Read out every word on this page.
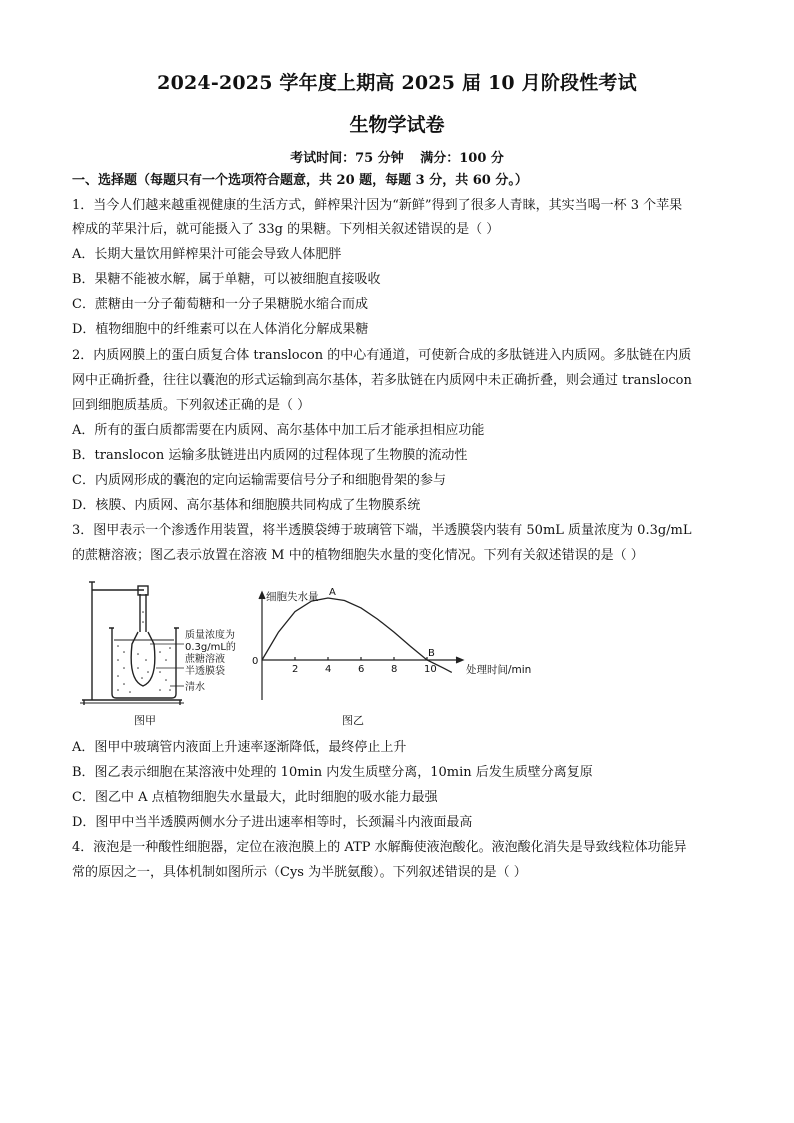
2024-2025 学年度上期高 2025 届 10 月阶段性考试
生物学试卷
考试时间：75 分钟 满分：100 分
一、选择题（每题只有一个选项符合题意，共 20 题，每题 3 分，共 60 分。）
1．当今人们越来越重视健康的生活方式，鲜榨果汁因为“新鲜”得到了很多人青睐，其实当喝一杯 3 个苹果
榨成的苹果汁后，就可能摄入了 33g 的果糖。下列相关叙述错误的是（ ）
A．长期大量饮用鲜榨果汁可能会导致人体肥胖
B．果糖不能被水解，属于单糖，可以被细胞直接吸收
C．蔗糖由一分子葡萄糖和一分子果糖脱水缩合而成
D．植物细胞中的纤维素可以在人体消化分解成果糖
2．内质网膜上的蛋白质复合体 translocon 的中心有通道，可使新合成的多肽链进入内质网。多肽链在内质
网中正确折叠，往往以囊泡的形式运输到高尔基体，若多肽链在内质网中未正确折叠，则会通过 translocon
回到细胞质基质。下列叙述正确的是（ ）
A．所有的蛋白质都需要在内质网、高尔基体中加工后才能承担相应功能
B．translocon 运输多肽链进出内质网的过程体现了生物膜的流动性
C．内质网形成的囊泡的定向运输需要信号分子和细胞骨架的参与
D．核膜、内质网、高尔基体和细胞膜共同构成了生物膜系统
3．图甲表示一个渗透作用装置，将半透膜袋缚于玻璃管下端，半透膜袋内装有 50mL 质量浓度为 0.3g/mL
的蔗糖溶液；图乙表示放置在溶液 M 中的植物细胞失水量的变化情况。下列有关叙述错误的是（ ）
质量浓度为
0.3g/mL的
蔗糖溶液
半透膜袋
清水
图甲
2	4	6	8	10
A
B
细胞失水量
处理时间/min
0
图乙
A．图甲中玻璃管内液面上升速率逐渐降低，最终停止上升
B．图乙表示细胞在某溶液中处理的 10min 内发生质壁分离，10min 后发生质壁分离复原
C．图乙中 A 点植物细胞失水量最大，此时细胞的吸水能力最强
D．图甲中当半透膜两侧水分子进出速率相等时，长颈漏斗内液面最高
4．液泡是一种酸性细胞器，定位在液泡膜上的 ATP 水解酶使液泡酸化。液泡酸化消失是导致线粒体功能异
常的原因之一，具体机制如图所示（Cys 为半胱氨酸）。下列叙述错误的是（ ）
